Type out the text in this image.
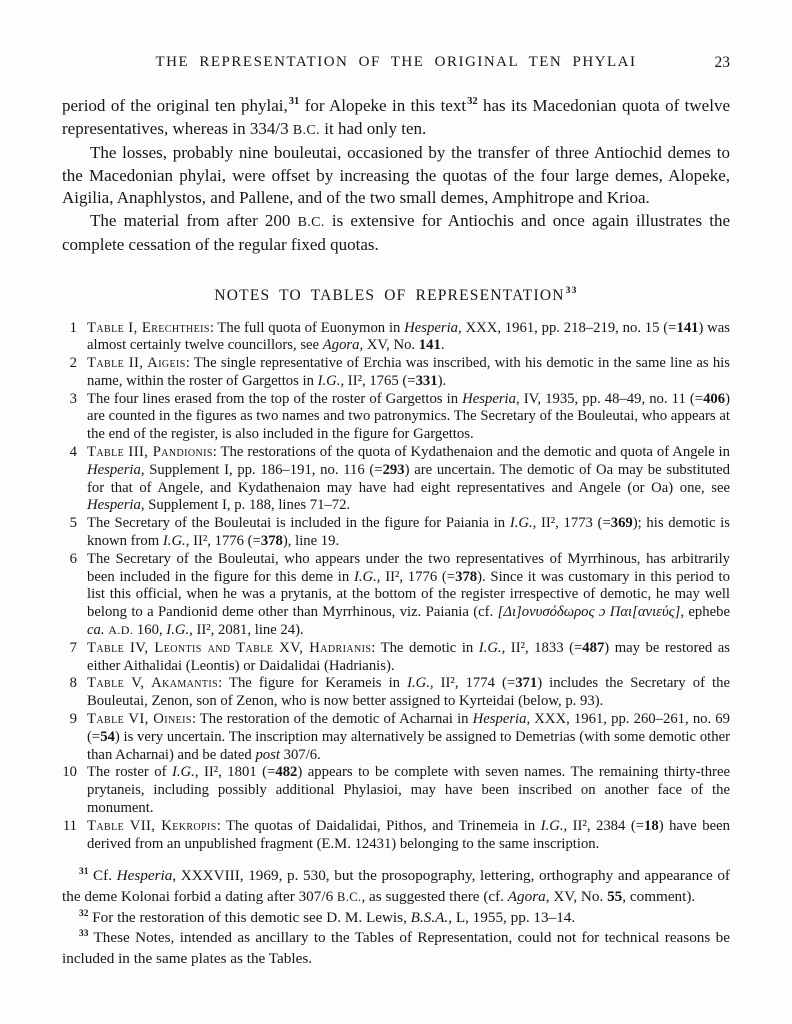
THE REPRESENTATION OF THE ORIGINAL TEN PHYLAI	23

period of the original ten phylai,$^{31}$ for Alopeke in this text$^{32}$ has its Macedonian quota of twelve representatives, whereas in 334/3 B.C. it had only ten.

The losses, probably nine bouleutai, occasioned by the transfer of three Antiochid demes to the Macedonian phylai, were offset by increasing the quotas of the four large demes, Alopeke, Aigilia, Anaphlystos, and Pallene, and of the two small demes, Amphitrope and Krioa.

The material from after 200 B.C. is extensive for Antiochis and once again illustrates the complete cessation of the regular fixed quotas.

NOTES TO TABLES OF REPRESENTATION$^{33}$
1 Table I, Erechtheis: The full quota of Euonymon in Hesperia, XXX, 1961, pp. 218–219, no. 15 (=141) was almost certainly twelve councillors, see Agora, XV, No. 141.
2 Table II, Aigeis: The single representative of Erchia was inscribed, with his demotic in the same line as his name, within the roster of Gargettos in I.G., II², 1765 (=331).
3 The four lines erased from the top of the roster of Gargettos in Hesperia, IV, 1935, pp. 48–49, no. 11 (=406) are counted in the figures as two names and two patronymics. The Secretary of the Bouleutai, who appears at the end of the register, is also included in the figure for Gargettos.
4 Table III, Pandionis: The restorations of the quota of Kydathenaion and the demotic and quota of Angele in Hesperia, Supplement I, pp. 186–191, no. 116 (=293) are uncertain. The demotic of Oa may be substituted for that of Angele, and Kydathenaion may have had eight representatives and Angele (or Oa) one, see Hesperia, Supplement I, p. 188, lines 71–72.
5 The Secretary of the Bouleutai is included in the figure for Paiania in I.G., II², 1773 (=369); his demotic is known from I.G., II², 1776 (=378), line 19.
6 The Secretary of the Bouleutai, who appears under the two representatives of Myrrhinous, has arbitrarily been included in the figure for this deme in I.G., II², 1776 (=378). Since it was customary in this period to list this official, when he was a prytanis, at the bottom of the register irrespective of demotic, he may well belong to a Pandionid deme other than Myrrhinous, viz. Paiania (cf. [Δι]ονυσόδωρος ɔ Παι[ανιεύς], ephebe ca. A.D. 160, I.G., II², 2081, line 24).
7 Table IV, Leontis and Table XV, Hadrianis: The demotic in I.G., II², 1833 (=487) may be restored as either Aithalidai (Leontis) or Daidalidai (Hadrianis).
8 Table V, Akamantis: The figure for Kerameis in I.G., II², 1774 (=371) includes the Secretary of the Bouleutai, Zenon, son of Zenon, who is now better assigned to Kyrteidai (below, p. 93).
9 Table VI, Oineis: The restoration of the demotic of Acharnai in Hesperia, XXX, 1961, pp. 260–261, no. 69 (=54) is very uncertain. The inscription may alternatively be assigned to Demetrias (with some demotic other than Acharnai) and be dated post 307/6.
10 The roster of I.G., II², 1801 (=482) appears to be complete with seven names. The remaining thirty-three prytaneis, including possibly additional Phylasioi, may have been inscribed on another face of the monument.
11 Table VII, Kekropis: The quotas of Daidalidai, Pithos, and Trinemeia in I.G., II², 2384 (=18) have been derived from an unpublished fragment (E.M. 12431) belonging to the same inscription.

$^{31}$ Cf. Hesperia, XXXVIII, 1969, p. 530, but the prosopography, lettering, orthography and appearance of the deme Kolonai forbid a dating after 307/6 B.C., as suggested there (cf. Agora, XV, No. 55, comment).

$^{32}$ For the restoration of this demotic see D. M. Lewis, B.S.A., L, 1955, pp. 13–14.

$^{33}$ These Notes, intended as ancillary to the Tables of Representation, could not for technical reasons be included in the same plates as the Tables.
